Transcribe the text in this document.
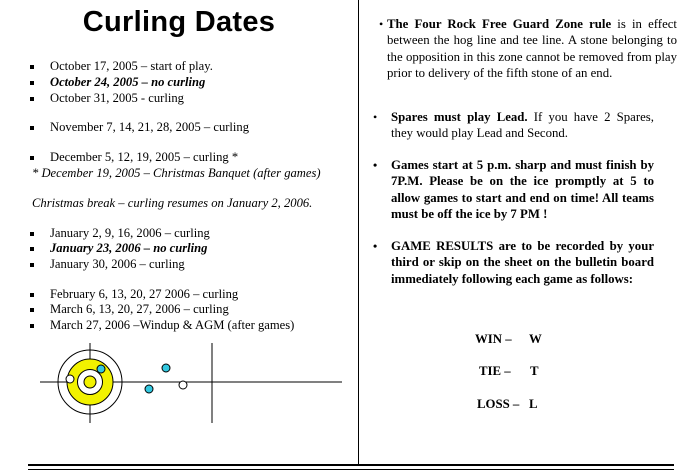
Curling Dates
October 17, 2005 – start of play.
October 24, 2005 – no curling
October 31, 2005 - curling
November 7, 14, 21, 28, 2005 – curling
December 5, 12, 19, 2005 – curling *
* December 19, 2005 – Christmas Banquet (after games)
Christmas break – curling resumes on January 2, 2006.
January 2, 9, 16, 2006 – curling
January 23, 2006 – no curling
January 30, 2006 – curling
February 6, 13, 20, 27 2006 – curling
March 6, 13, 20, 27, 2006 – curling
March 27, 2006 –Windup & AGM (after games)
• The Four Rock Free Guard Zone rule is in effect between the hog line and tee line. A stone belonging to the opposition in this zone cannot be removed from play prior to delivery of the fifth stone of an end.
• Spares must play Lead. If you have 2 Spares, they would play Lead and Second.
• Games start at 5 p.m. sharp and must finish by 7P.M. Please be on the ice promptly at 5 to allow games to start and end on time! All teams must be off the ice by 7 PM !
• GAME RESULTS are to be recorded by your third or skip on the sheet on the bulletin board immediately following each game as follows:
WIN – W
TIE – T
LOSS – L
